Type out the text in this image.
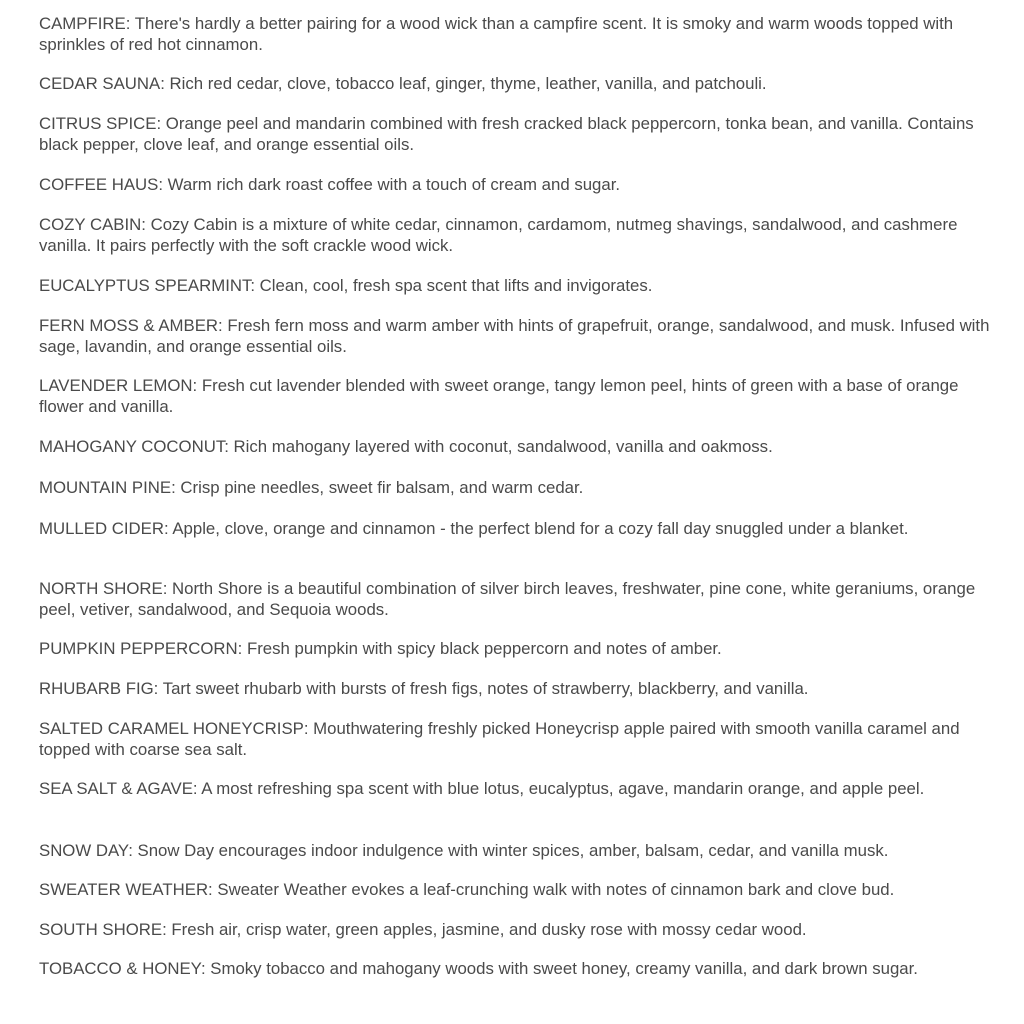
CAMPFIRE: There's hardly a better pairing for a wood wick than a campfire scent. It is smoky and warm woods topped with sprinkles of red hot cinnamon.

CEDAR SAUNA: Rich red cedar, clove, tobacco leaf, ginger, thyme, leather, vanilla, and patchouli.

CITRUS SPICE: Orange peel and mandarin combined with fresh cracked black peppercorn, tonka bean, and vanilla. Contains black pepper, clove leaf, and orange essential oils.

COFFEE HAUS: Warm rich dark roast coffee with a touch of cream and sugar.

COZY CABIN: Cozy Cabin is a mixture of white cedar, cinnamon, cardamom, nutmeg shavings, sandalwood, and cashmere vanilla. It pairs perfectly with the soft crackle wood wick.

EUCALYPTUS SPEARMINT: Clean, cool, fresh spa scent that lifts and invigorates.

FERN MOSS & AMBER: Fresh fern moss and warm amber with hints of grapefruit, orange, sandalwood, and musk. Infused with sage, lavandin, and orange essential oils.

LAVENDER LEMON: Fresh cut lavender blended with sweet orange, tangy lemon peel, hints of green with a base of orange flower and vanilla.

MAHOGANY COCONUT: Rich mahogany layered with coconut, sandalwood, vanilla and oakmoss.

MOUNTAIN PINE: Crisp pine needles, sweet fir balsam, and warm cedar.

MULLED CIDER: Apple, clove, orange and cinnamon - the perfect blend for a cozy fall day snuggled under a blanket.

NORTH SHORE: North Shore is a beautiful combination of silver birch leaves, freshwater, pine cone, white geraniums, orange peel, vetiver, sandalwood, and Sequoia woods.

PUMPKIN PEPPERCORN: Fresh pumpkin with spicy black peppercorn and notes of amber.

RHUBARB FIG: Tart sweet rhubarb with bursts of fresh figs, notes of strawberry, blackberry, and vanilla.

SALTED CARAMEL HONEYCRISP: Mouthwatering freshly picked Honeycrisp apple paired with smooth vanilla caramel and topped with coarse sea salt.

SEA SALT & AGAVE: A most refreshing spa scent with blue lotus, eucalyptus, agave, mandarin orange, and apple peel.

SNOW DAY: Snow Day encourages indoor indulgence with winter spices, amber, balsam, cedar, and vanilla musk.

SWEATER WEATHER: Sweater Weather evokes a leaf-crunching walk with notes of cinnamon bark and clove bud.

SOUTH SHORE: Fresh air, crisp water, green apples, jasmine, and dusky rose with mossy cedar wood.

TOBACCO & HONEY: Smoky tobacco and mahogany woods with sweet honey, creamy vanilla, and dark brown sugar.
